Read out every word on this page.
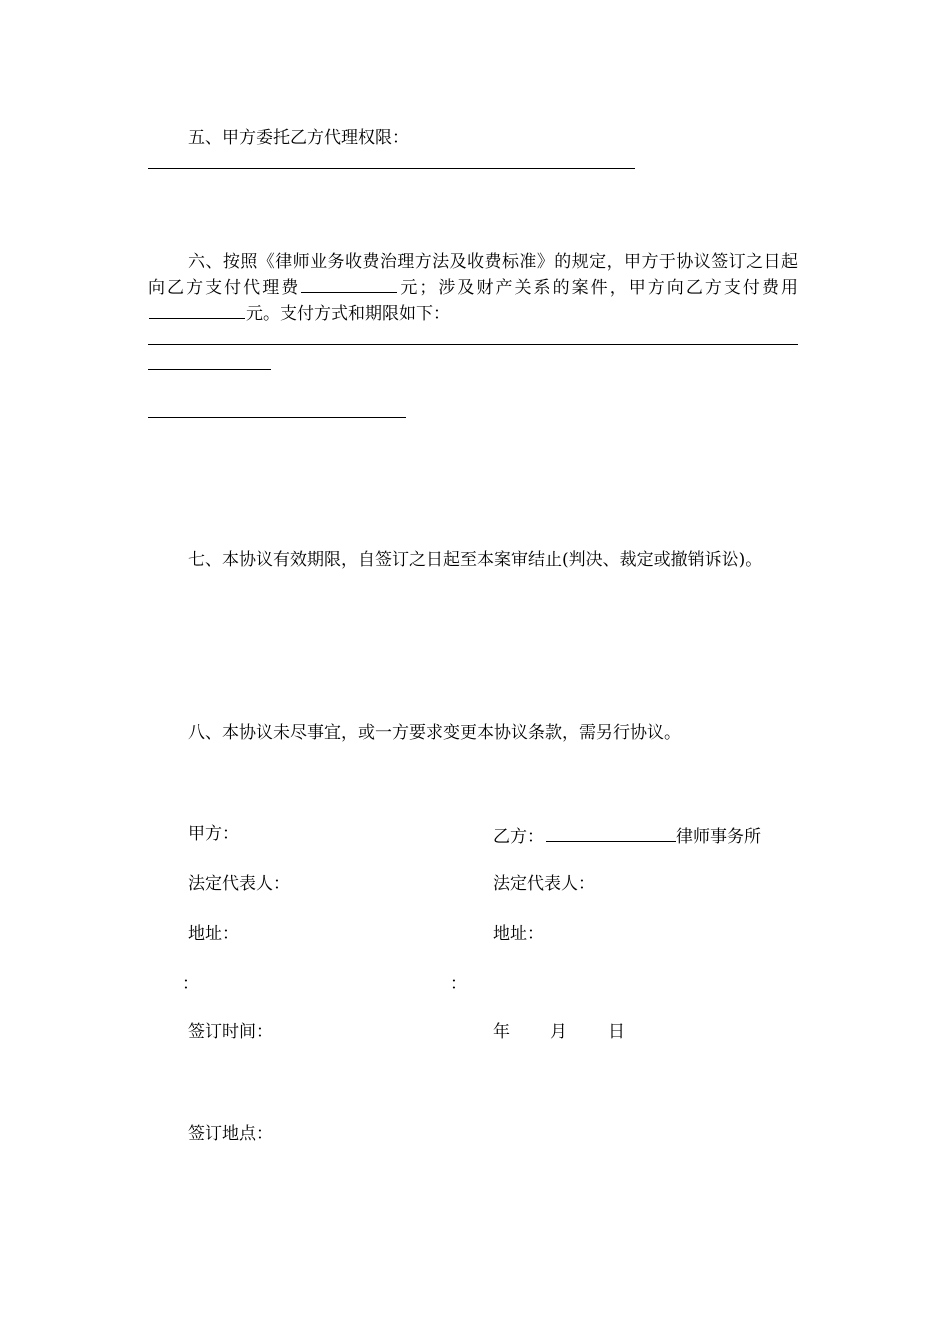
五、甲方委托乙方代理权限：

六、按照《律师业务收费治理方法及收费标准》的规定，甲方于协议签订之日起向乙方支付代理费	元；涉及财产关系的案件，甲方向乙方支付费用元。支付方式和期限如下：

七、本协议有效期限，自签订之日起至本案审结止(判决、裁定或撤销诉讼)。

八、本协议未尽事宜，或一方要求变更本协议条款，需另行协议。
甲方：	乙方：	律师事务所
法定代表人：	法定代表人：
地址：	地址：
：	：
签订时间：	年 月 日
签订地点：
